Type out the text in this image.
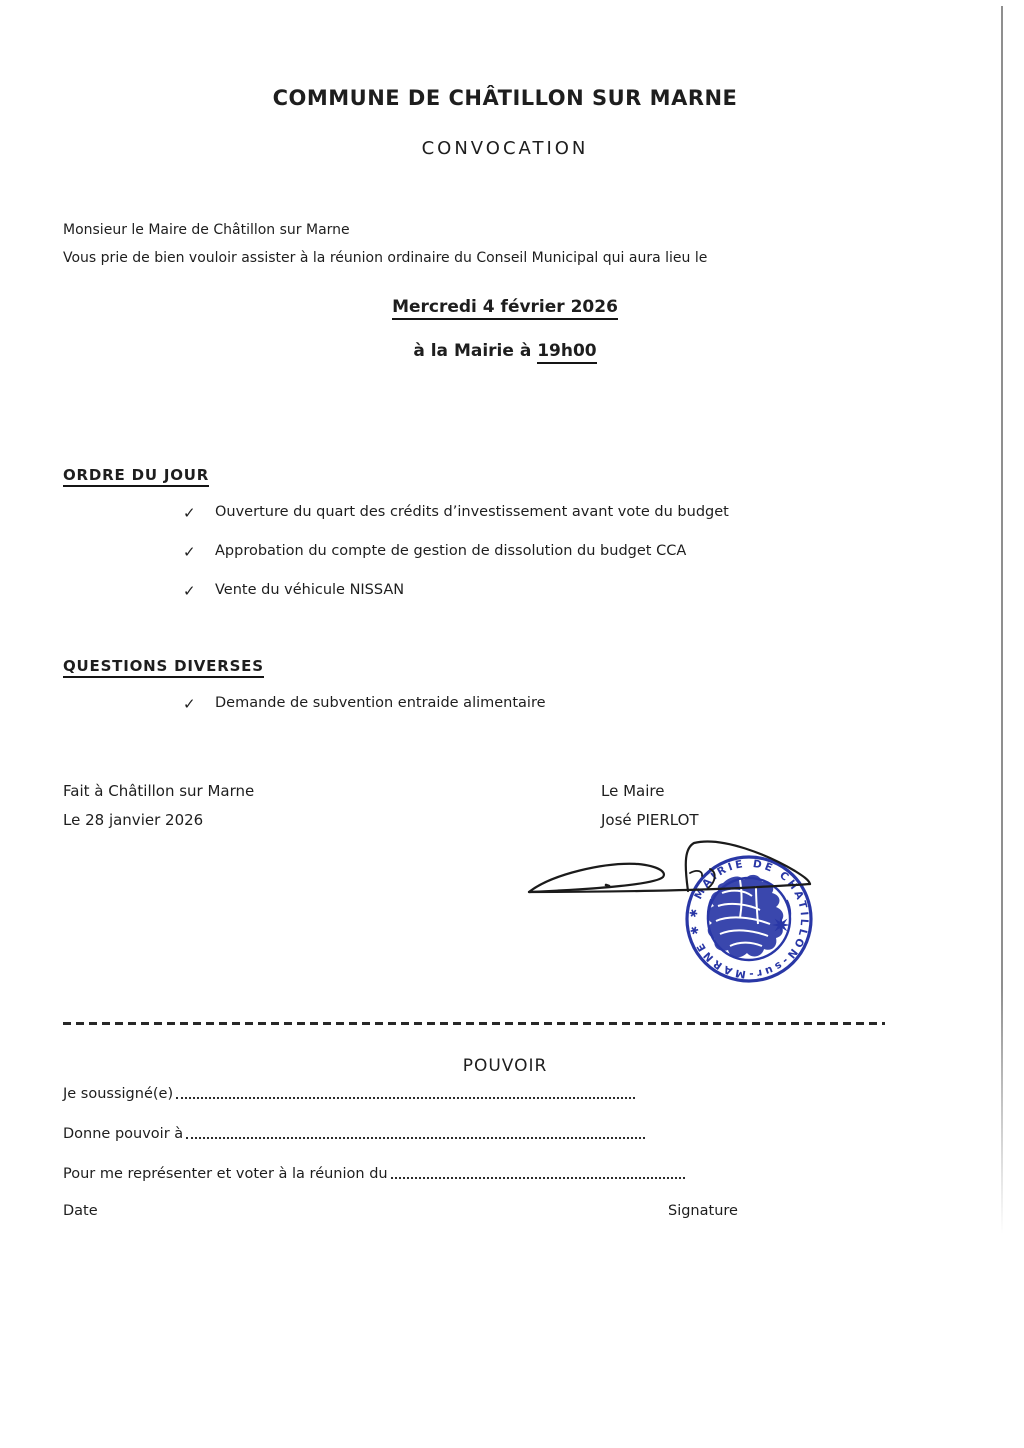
COMMUNE DE CHÂTILLON SUR MARNE
CONVOCATION
Monsieur le Maire de Châtillon sur Marne
Vous prie de bien vouloir assister à la réunion ordinaire du Conseil Municipal qui aura lieu le
Mercredi 4 février 2026
à la Mairie à 19h00
ORDRE DU JOUR
✓ Ouverture du quart des crédits d’investissement avant vote du budget
✓ Approbation du compte de gestion de dissolution du budget CCA
✓ Vente du véhicule NISSAN
QUESTIONS DIVERSES
✓ Demande de subvention entraide alimentaire
Fait à Châtillon sur Marne
Le 28 janvier 2026
Le Maire
José PIERLOT
✱ MAIRIE DE CHATILLON-sur-MARNE ✱
POUVOIR
Je soussigné(e)
Donne pouvoir à
Pour me représenter et voter à la réunion du
Date	Signature
